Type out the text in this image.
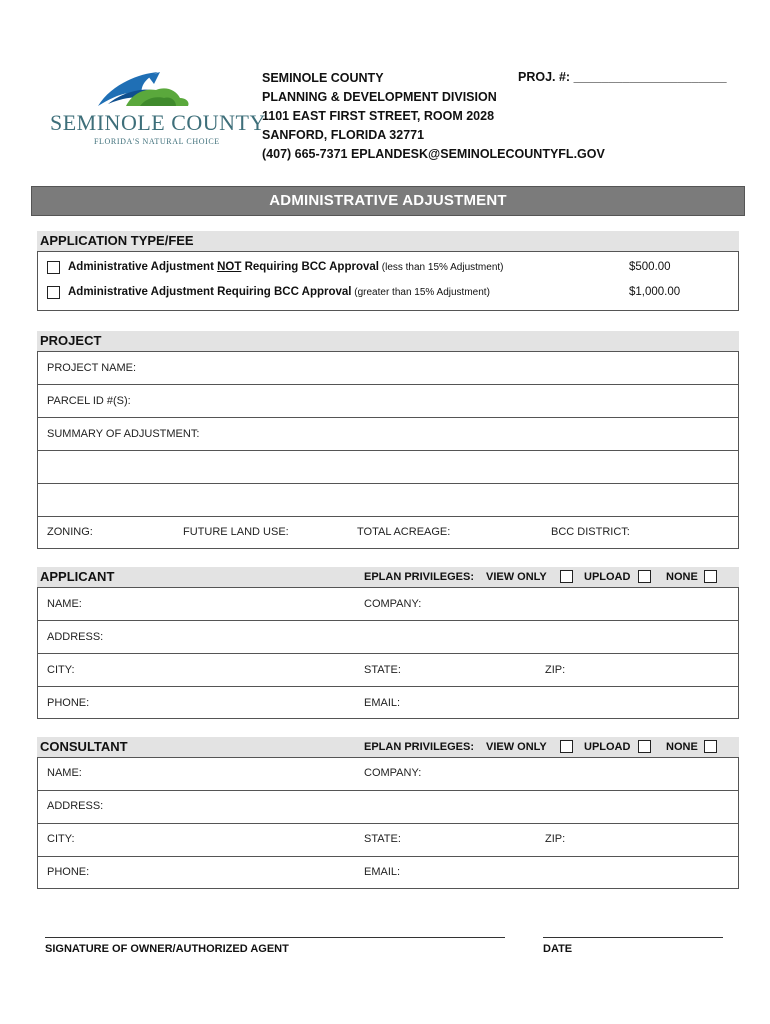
SEMINOLE COUNTY
FLORIDA'S NATURAL CHOICE
SEMINOLE COUNTY
PLANNING & DEVELOPMENT DIVISION
1101 EAST FIRST STREET, ROOM 2028
SANFORD, FLORIDA 32771
(407) 665-7371 EPLANDESK@SEMINOLECOUNTYFL.GOV
PROJ. #: ______________________
ADMINISTRATIVE ADJUSTMENT
APPLICATION TYPE/FEE
Administrative Adjustment NOT Requiring BCC Approval (less than 15% Adjustment)	$500.00
Administrative Adjustment Requiring BCC Approval (greater than 15% Adjustment)	$1,000.00
PROJECT
PROJECT NAME:
PARCEL ID #(S):
SUMMARY OF ADJUSTMENT:
ZONING:	FUTURE LAND USE:	TOTAL ACREAGE:	BCC DISTRICT:
APPLICANT	EPLAN PRIVILEGES: VIEW ONLY	UPLOAD	NONE
NAME:	COMPANY:
ADDRESS:
CITY:	STATE:	ZIP:
PHONE:	EMAIL:
CONSULTANT	EPLAN PRIVILEGES: VIEW ONLY	UPLOAD	NONE
NAME:	COMPANY:
ADDRESS:
CITY:	STATE:	ZIP:
PHONE:	EMAIL:
SIGNATURE OF OWNER/AUTHORIZED AGENT	DATE
